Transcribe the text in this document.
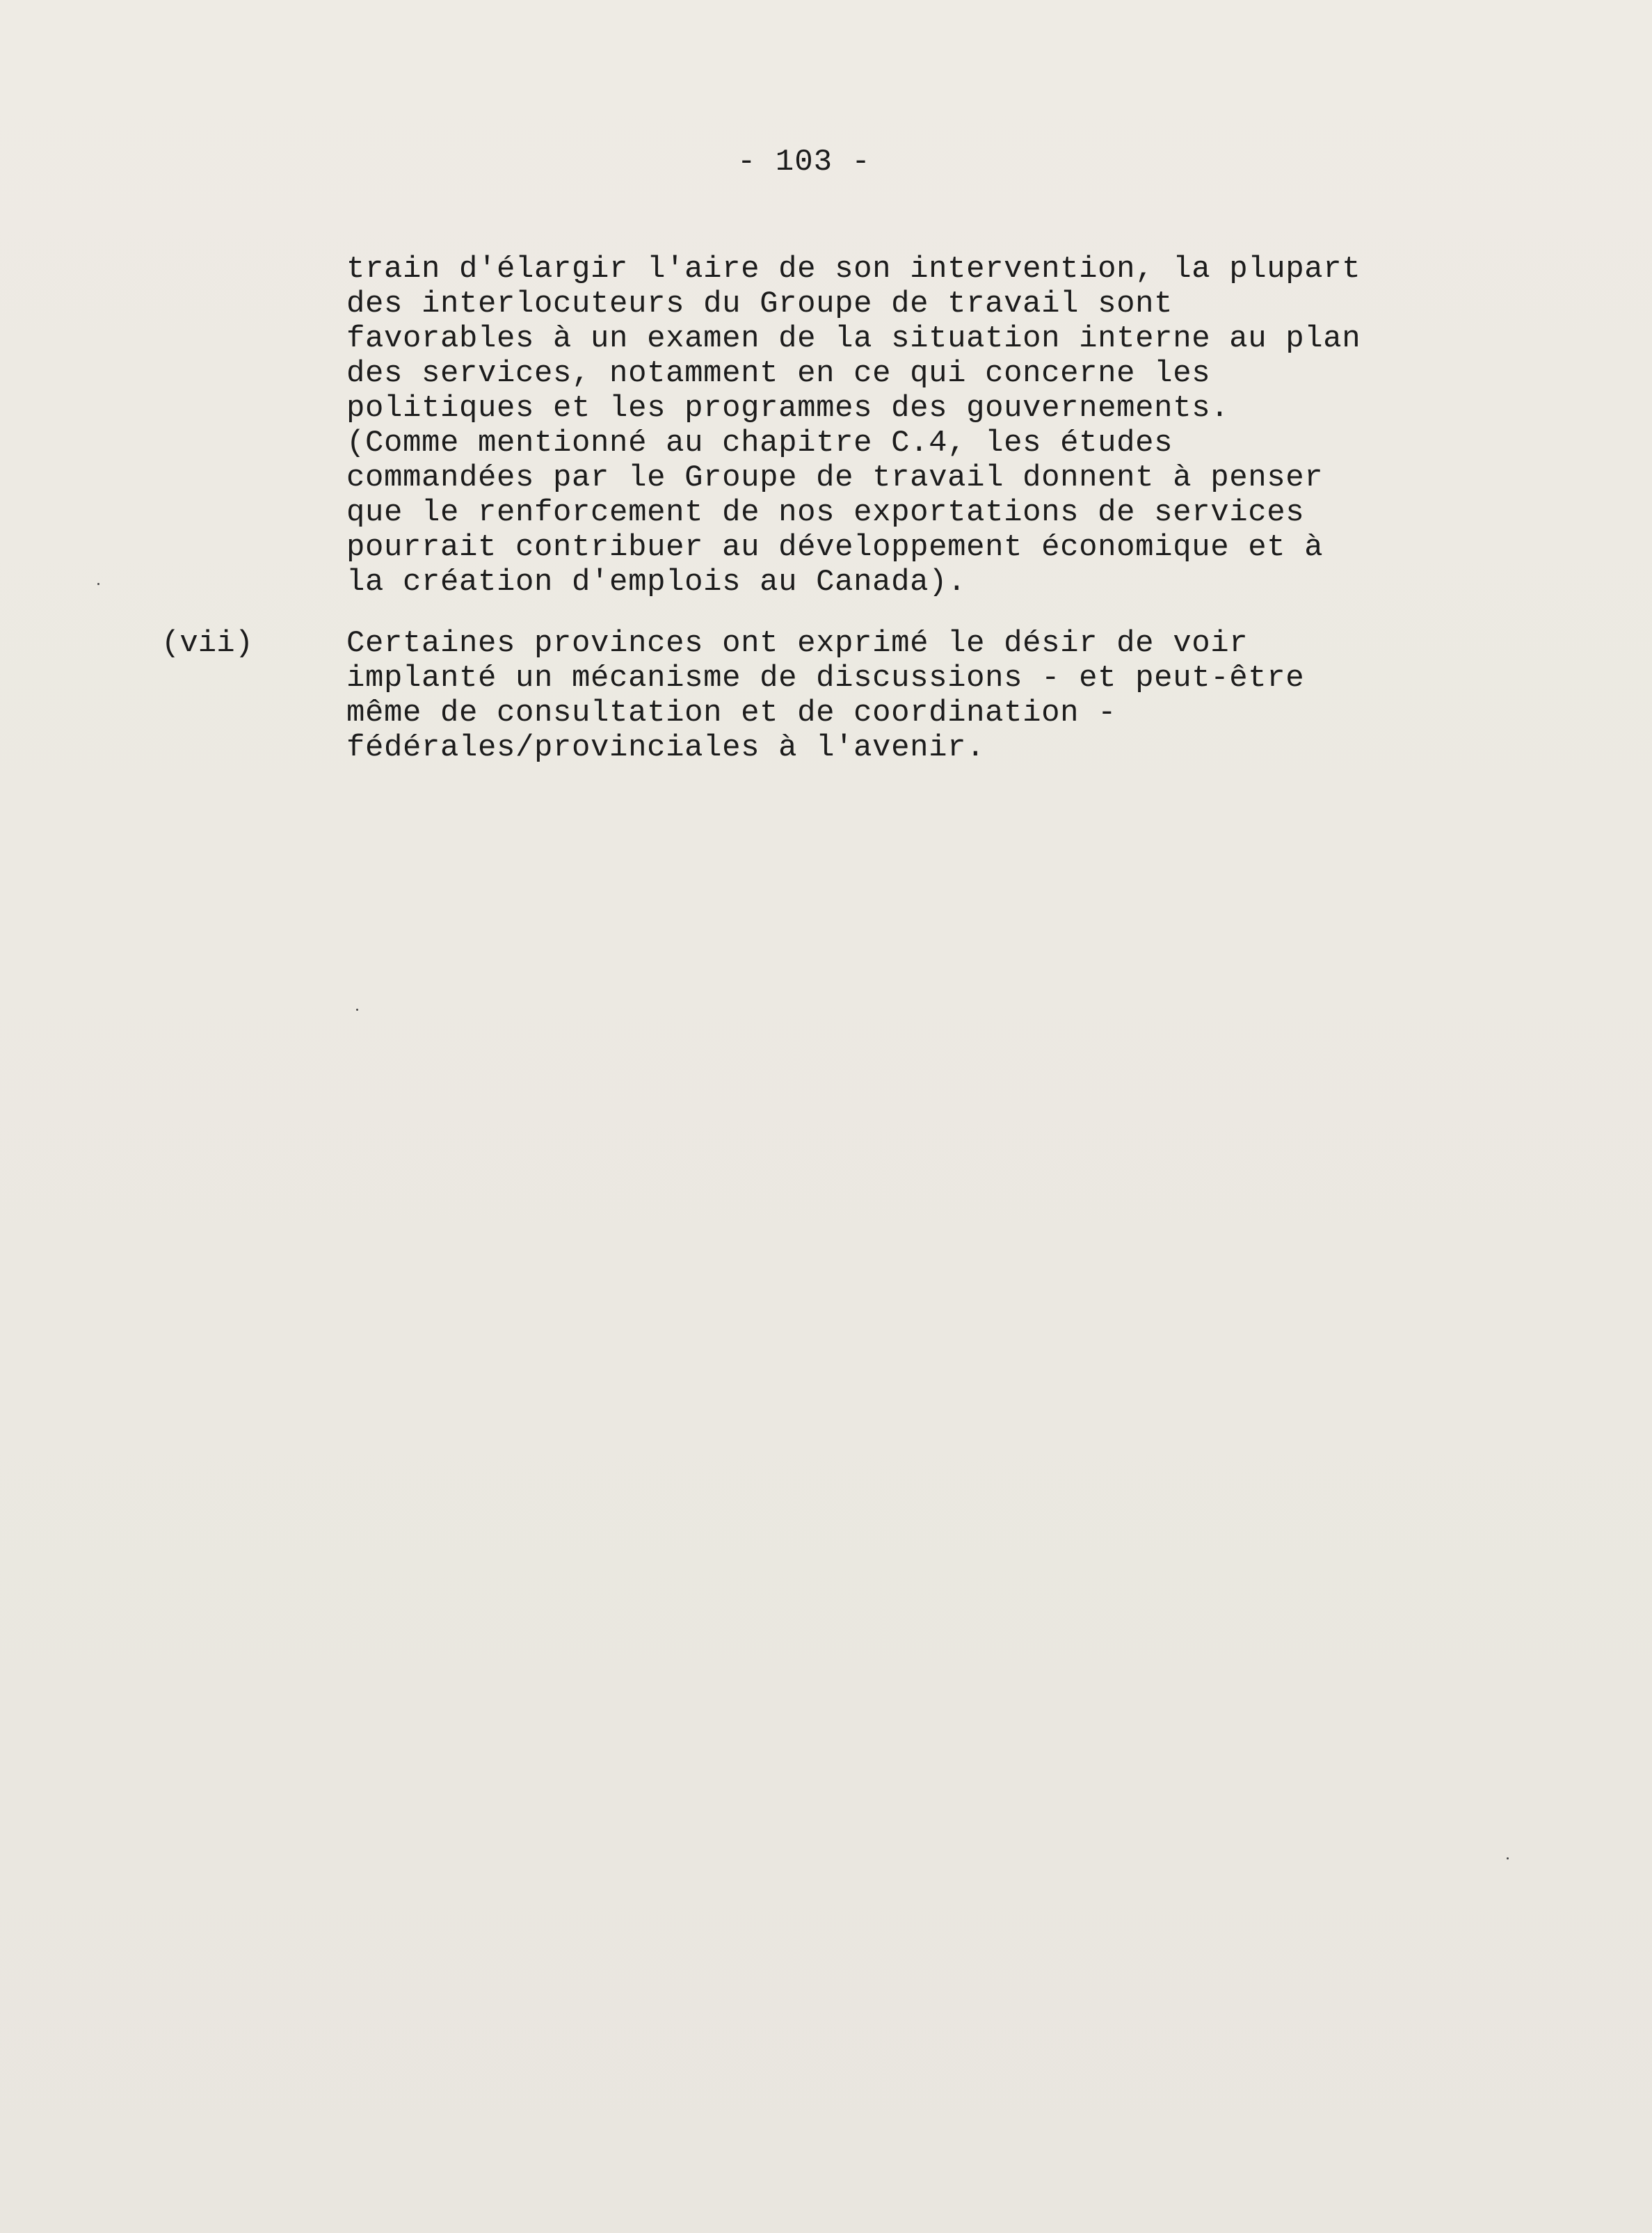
- 103 -
train d'élargir l'aire de son intervention, la plupart
des interlocuteurs du Groupe de travail sont
favorables à un examen de la situation interne au plan
des services, notamment en ce qui concerne les
politiques et les programmes des gouvernements.
(Comme mentionné au chapitre C.4, les études
commandées par le Groupe de travail donnent à penser
que le renforcement de nos exportations de services
pourrait contribuer au développement économique et à
la création d'emplois au Canada).
(vii)	Certaines provinces ont exprimé le désir de voir
implanté un mécanisme de discussions - et peut-être
même de consultation et de coordination -
fédérales/provinciales à l'avenir.
